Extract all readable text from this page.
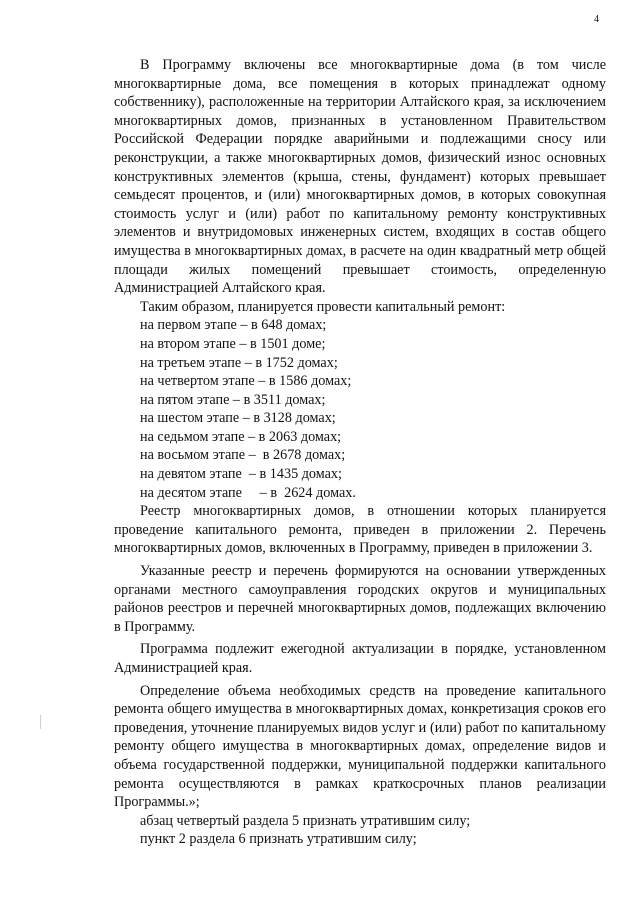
4

В Программу включены все многоквартирные дома (в том числе многоквартирные дома, все помещения в которых принадлежат одному собственнику), расположенные на территории Алтайского края, за исключением многоквартирных домов, признанных в установленном Правительством Российской Федерации порядке аварийными и подлежащими сносу или реконструкции, а также многоквартирных домов, физический износ основных конструктивных элементов (крыша, стены, фундамент) которых превышает семьдесят процентов, и (или) многоквартирных домов, в которых совокупная стоимость услуг и (или) работ по капитальному ремонту конструктивных элементов и внутридомовых инженерных систем, входящих в состав общего имущества в многоквартирных домах, в расчете на один квадратный метр общей площади жилых помещений превышает стоимость, определенную Администрацией Алтайского края.

Таким образом, планируется провести капитальный ремонт:

на первом этапе – в 648 домах;
на втором этапе – в 1501 доме;
на третьем этапе – в 1752 домах;
на четвертом этапе – в 1586 домах;
на пятом этапе – в 3511 домах;
на шестом этапе – в 3128 домах;
на седьмом этапе – в 2063 домах;
на восьмом этапе –  в 2678 домах;
на девятом этапе  – в 1435 домах;
на десятом этапе     – в  2624 домах.

Реестр многоквартирных домов, в отношении которых планируется проведение капитального ремонта, приведен в приложении 2. Перечень многоквартирных домов, включенных в Программу, приведен в приложении 3.

Указанные реестр и перечень формируются на основании утвержденных органами местного самоуправления городских округов и муниципальных районов реестров и перечней многоквартирных домов, подлежащих включению в Программу.

Программа подлежит ежегодной актуализации в порядке, установленном Администрацией края.

Определение объема необходимых средств на проведение капитального ремонта общего имущества в многоквартирных домах, конкретизация сроков его проведения, уточнение планируемых видов услуг и (или) работ по капитальному ремонту общего имущества в многоквартирных домах, определение видов и объема государственной поддержки, муниципальной поддержки капитального ремонта осуществляются в рамках краткосрочных планов реализации Программы.»;

абзац четвертый раздела 5 признать утратившим силу;

пункт 2 раздела 6 признать утратившим силу;
